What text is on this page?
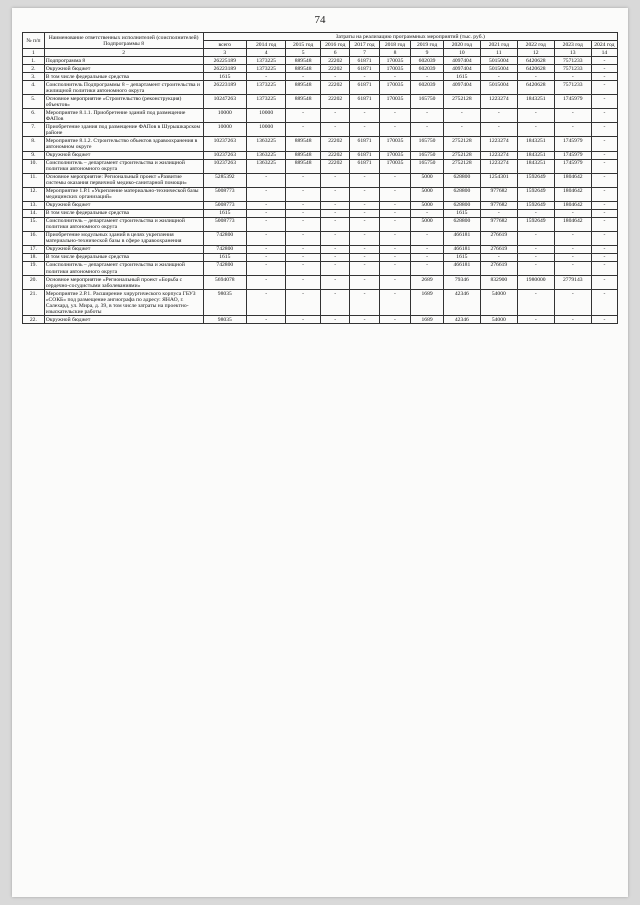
74
№ п/п	Наименование ответственных исполнителей (соисполнителей) Подпрограммы 8	Затраты на реализацию программных мероприятий (тыс. руб.)											
		всего	2014 год	2015 год	2016 год	2017 год	2018 год	2019 год	2020 год	2021 год	2022 год	2023 год	2024 год
1	2	3	4	5	6	7	8	9	10	11	12	13	14
1.	Подпрограмма 8	26225189	1373225	889548	22202	61871	170035	602039	4097404	5015004	6420628	7571233	-
2.	Окружной бюджет	26223189	1373225	889548	22202	61871	170035	602039	4097404	5015004	6420628	7571233	-
3.	В том числе федеральные средства	1615	-	-	-	-	-	-	1615	-	-	-	-
4.	Соисполнитель Подпрограммы 8 – департамент строительства и жилищной политики автономного округа	26223189	1373225	889548	22202	61871	170035	602039	4097404	5015004	6420628	7571233	-
5.	Основное мероприятие «Строительство (реконструкция) объектов»	10247263	1373225	889548	22202	61871	170035	165750	2752128	1223274	1843251	1745979	-
6.	Мероприятие 8.1.1. Приобретение зданий под размещение ФАПов	10000	10000	-	-	-	-	-	-	-	-	-	-
7.	Приобретение здания под размещение ФАПов в Шурышкарском районе	10000	10000	-	-	-	-	-	-	-	-	-	-
8.	Мероприятие 8.1.2. Строительство объектов здравоохранения в автономном округе	10237263	1363225	889548	22202	61871	170035	165750	2752128	1223274	1843251	1745979	-
9.	Окружной бюджет	10237263	1363225	889548	22202	61871	170035	165750	2752128	1223274	1843251	1745979	-
10.	Соисполнитель – департамент строительства и жилищной политики автономного округа	10237263	1363225	889548	22202	61871	170035	165750	2752128	1223274	1843251	1745979	-
11.	Основное мероприятие: Региональный проект «Развитие системы оказания первичной медико-санитарной помощи»	5285392	-	-	-	-	-	5000	628800	1254301	1592649	1804642	-
12.	Мероприятие 1.Р.1 «Укрепление материально-технической базы медицинских организаций»	5008773	-	-	-	-	-	5000	628800	977682	1592649	1804642	-
13.	Окружной бюджет	5008773	-	-	-	-	-	5000	628800	977682	1592649	1804642	-
14.	В том числе федеральные средства	1615	-	-	-	-	-	-	1615	-	-	-	-
15.	Соисполнитель – департамент строительства и жилищной политики автономного округа	5008773	-	-	-	-	-	5000	628800	977682	1592649	1804642	-
16.	Приобретение модульных зданий в целях укрепления материально-технической базы в сфере здравоохранения	742800	-	-	-	-	-	-	466181	276619	-	-	-
17.	Окружной бюджет	742800	-	-	-	-	-	-	466181	276619	-	-	-
18.	В том числе федеральные средства	1615	-	-	-	-	-	-	1615	-	-	-	-
19.	Соисполнитель – департамент строительства и жилищной политики автономного округа	742800	-	-	-	-	-	-	466181	276619	-	-	-
20.	Основное мероприятие «Региональный проект «Борьба с сердечно-сосудистыми заболеваниями»	5694078	-	-	-	-	-	2689	79346	832900	1980000	2779143	-
21.	Мероприятие 2.Р.1. Расширение хирургического корпуса ГБУЗ «СОКБ» под размещение ангиографа по адресу: ЯНАО, г. Салехард, ул. Мира, д. 39, в том числе затраты на проектно-изыскательские работы	98035	-	-	-	-	-	1689	42346	54000	-	-	-
22.	Окружной бюджет	98035	-	-	-	-	-	1689	42346	54000	-	-	-
